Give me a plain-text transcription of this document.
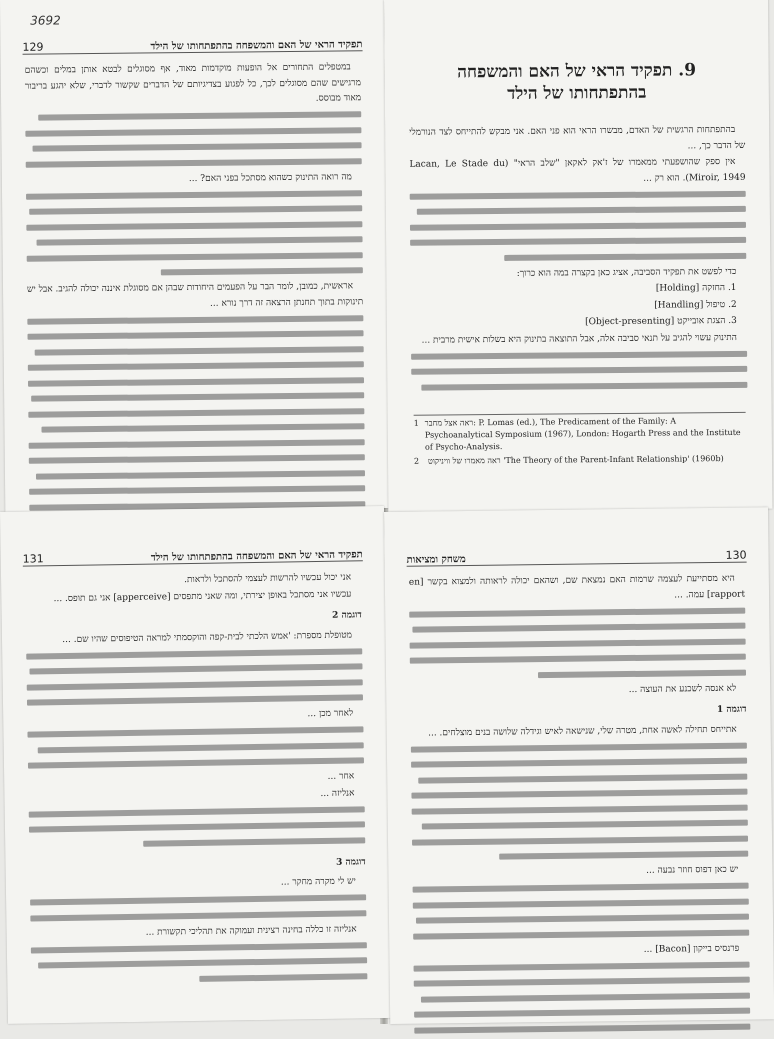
3692
תפקיד הראי של האם והמשפחה בהתפתחותו של הילד
129

במטפלים התחורים אל הופעות מוקדמות מאוד, אף מסוגלים לבטא אותן במלים וכשהם מרגישים שהם מסוגלים לכך, כל לפגוע בצדיגיותם של הדברים שקשור לדברי, שלא יהגע בריבור מאוד מבוסס.

מה רואה התינוק כשהוא מסתכל בפני האם? ...

אראשית, כמובן, לומר הבר על הפעמים היחודות שבהן אם מסוגלת איננה יכולה להגיב. אבל יש תינוקות בתוך תחנתן הרצאה זה דרך נורא ...

9. תפקיד הראי של האם והמשפחה
בהתפתחותו של הילד

בהתפתחות הרגשית של האדם, מבשרו הראי הוא פני האם. אני מבקש להתייחס לצד הנורמלי של הדבר כך, ...

אין ספק שהושפעתי ממאמרו של ז'אק לאקאן "שלב הראי" (Lacan, Le Stade du Miroir, 1949). הוא רק ...

כדי לפשט את תפקיד הסביבה, אציג כאן בקצרה במה הוא כרוך:

1. החזקה [Holding]

2. טיפול [Handling]

3. הצגת אובייקט [Object-presenting]

התינוק עשוי להגיב על תנאי סביבה אלה, אבל התוצאה בתינוק היא בשלות אישית מרבית ...

1 ראה אצל מחבר: P. Lomas (ed.), The Predicament of the Family: A Psychoanalytical Symposium (1967), London: Hogarth Press and the Institute of Psycho-Analysis.
2	ראה מאמרו של וויניקוט 'The Theory of the Parent-Infant Relationship' (1960b)
תפקיד הראי של האם והמשפחה בהתפתחותו של הילד
131

אני יכול עכשיו להרשות לעצמי להסתכל ולראות.

עכשיו אני מסתכל באופן יצירתי, ומה שאני מתפסים [apperceive] אני גם תופס. ...

דוגמה 2

מטופלת מספרת: 'אמש הלכתי לבית-קפה והוקסמתי למראה הטיפוסים שהיו שם. ...

לאחר מכן ...

אחר ...

אנליזה ...

דוגמה 3

יש לי מקרה מחקר ...

אנליזה זו כללה בחינה רצינית ועמוקה את תהליכי תקשורת ...

130
משחק ומציאות

היא מסתייעת לעצמה שרמות האם נמצאת שם, ושהאם יכולה לראותה ולמצוא בקשר [en rapport] עמה. ...

לא אנסה לשכנע את העוצה ...

דוגמה 1

אתייחס תחילה לאשה אחת, מטרה שלי, שנישאה לאיש וגידלה שלושה בנים מוצלחים. ...

יש כאן דפוס חוזר נבעה ...

פרנסיס בייקון [Bacon] ...
